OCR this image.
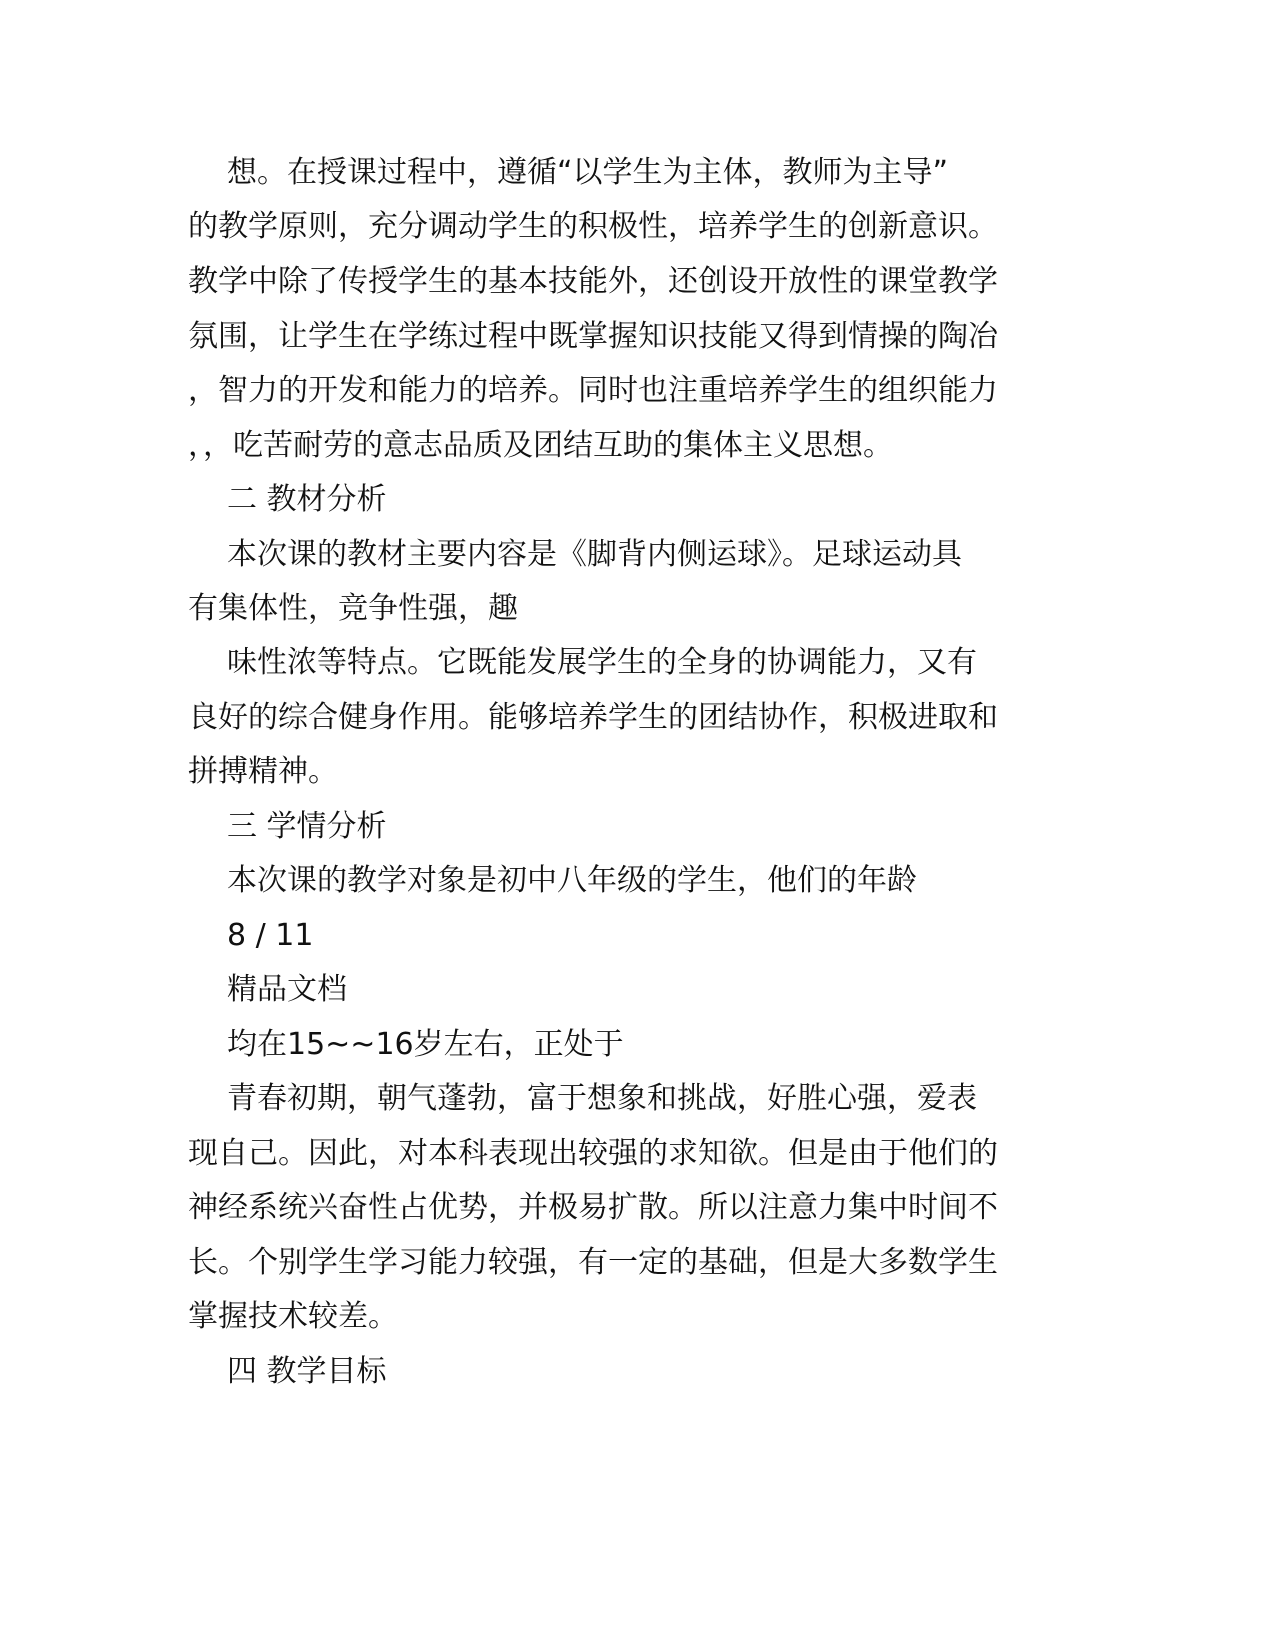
想。在授课过程中，遵循“以学生为主体，教师为主导”
的教学原则，充分调动学生的积极性，培养学生的创新意识。
教学中除了传授学生的基本技能外，还创设开放性的课堂教学
氛围，让学生在学练过程中既掌握知识技能又得到情操的陶冶
，智力的开发和能力的培养。同时也注重培养学生的组织能力
，，吃苦耐劳的意志品质及团结互助的集体主义思想。
二 教材分析
本次课的教材主要内容是《脚背内侧运球》。足球运动具
有集体性，竞争性强，趣
味性浓等特点。它既能发展学生的全身的协调能力，又有
良好的综合健身作用。能够培养学生的团结协作，积极进取和
拼搏精神。
三 学情分析
本次课的教学对象是初中八年级的学生，他们的年龄
8 / 11
精品文档
均在15~~16岁左右，正处于
青春初期，朝气蓬勃，富于想象和挑战，好胜心强，爱表
现自己。因此，对本科表现出较强的求知欲。但是由于他们的
神经系统兴奋性占优势，并极易扩散。所以注意力集中时间不
长。个别学生学习能力较强，有一定的基础，但是大多数学生
掌握技术较差。
四 教学目标
